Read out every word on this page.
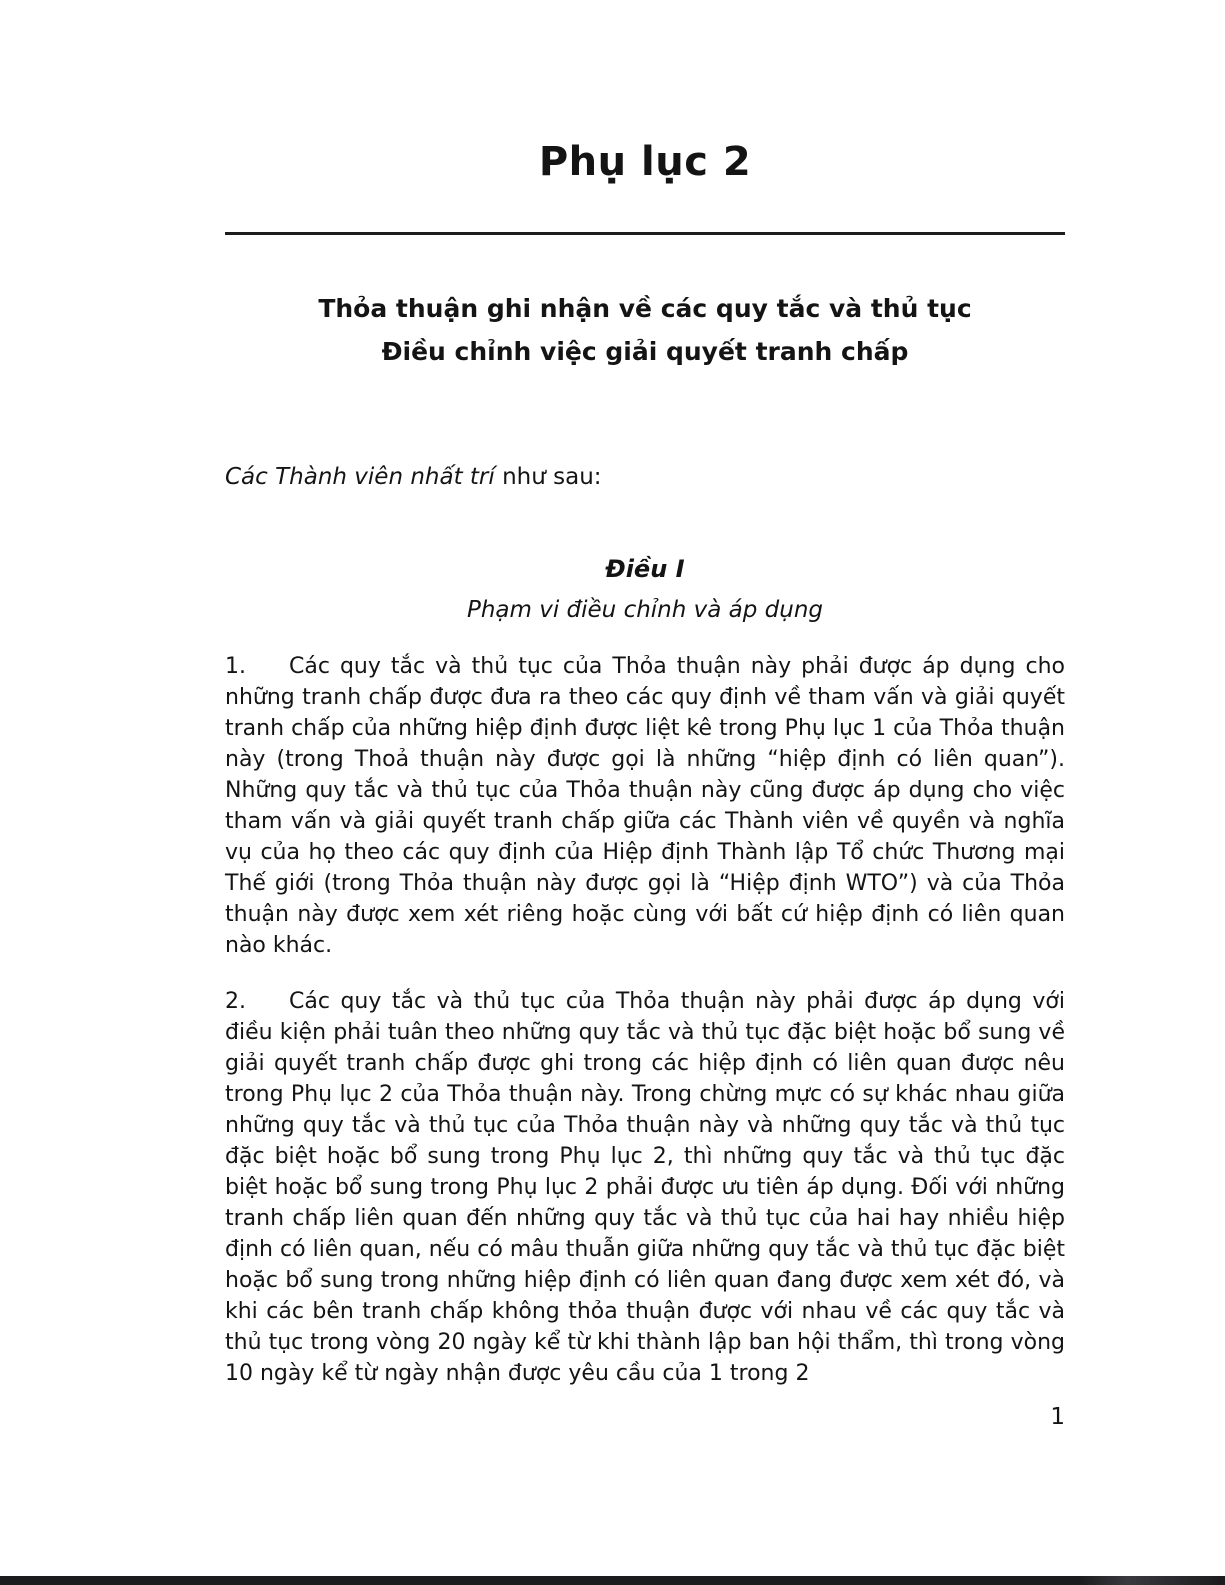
Phụ lục 2
Thỏa thuận ghi nhận về các quy tắc và thủ tục
Điều chỉnh việc giải quyết tranh chấp
Các Thành viên nhất trí như sau:
Điều I
Phạm vi điều chỉnh và áp dụng

1. Các quy tắc và thủ tục của Thỏa thuận này phải được áp dụng cho những tranh chấp được đưa ra theo các quy định về tham vấn và giải quyết tranh chấp của những hiệp định được liệt kê trong Phụ lục 1 của Thỏa thuận này (trong Thoả thuận này được gọi là những “hiệp định có liên quan”). Những quy tắc và thủ tục của Thỏa thuận này cũng được áp dụng cho việc tham vấn và giải quyết tranh chấp giữa các Thành viên về quyền và nghĩa vụ của họ theo các quy định của Hiệp định Thành lập Tổ chức Thương mại Thế giới (trong Thỏa thuận này được gọi là “Hiệp định WTO”) và của Thỏa thuận này được xem xét riêng hoặc cùng với bất cứ hiệp định có liên quan nào khác.

2. Các quy tắc và thủ tục của Thỏa thuận này phải được áp dụng với điều kiện phải tuân theo những quy tắc và thủ tục đặc biệt hoặc bổ sung về giải quyết tranh chấp được ghi trong các hiệp định có liên quan được nêu trong Phụ lục 2 của Thỏa thuận này. Trong chừng mực có sự khác nhau giữa những quy tắc và thủ tục của Thỏa thuận này và những quy tắc và thủ tục đặc biệt hoặc bổ sung trong Phụ lục 2, thì những quy tắc và thủ tục đặc biệt hoặc bổ sung trong Phụ lục 2 phải được ưu tiên áp dụng. Đối với những tranh chấp liên quan đến những quy tắc và thủ tục của hai hay nhiều hiệp định có liên quan, nếu có mâu thuẫn giữa những quy tắc và thủ tục đặc biệt hoặc bổ sung trong những hiệp định có liên quan đang được xem xét đó, và khi các bên tranh chấp không thỏa thuận được với nhau về các quy tắc và thủ tục trong vòng 20 ngày kể từ khi thành lập ban hội thẩm, thì trong vòng 10 ngày kể từ ngày nhận được yêu cầu của 1 trong 2

1
